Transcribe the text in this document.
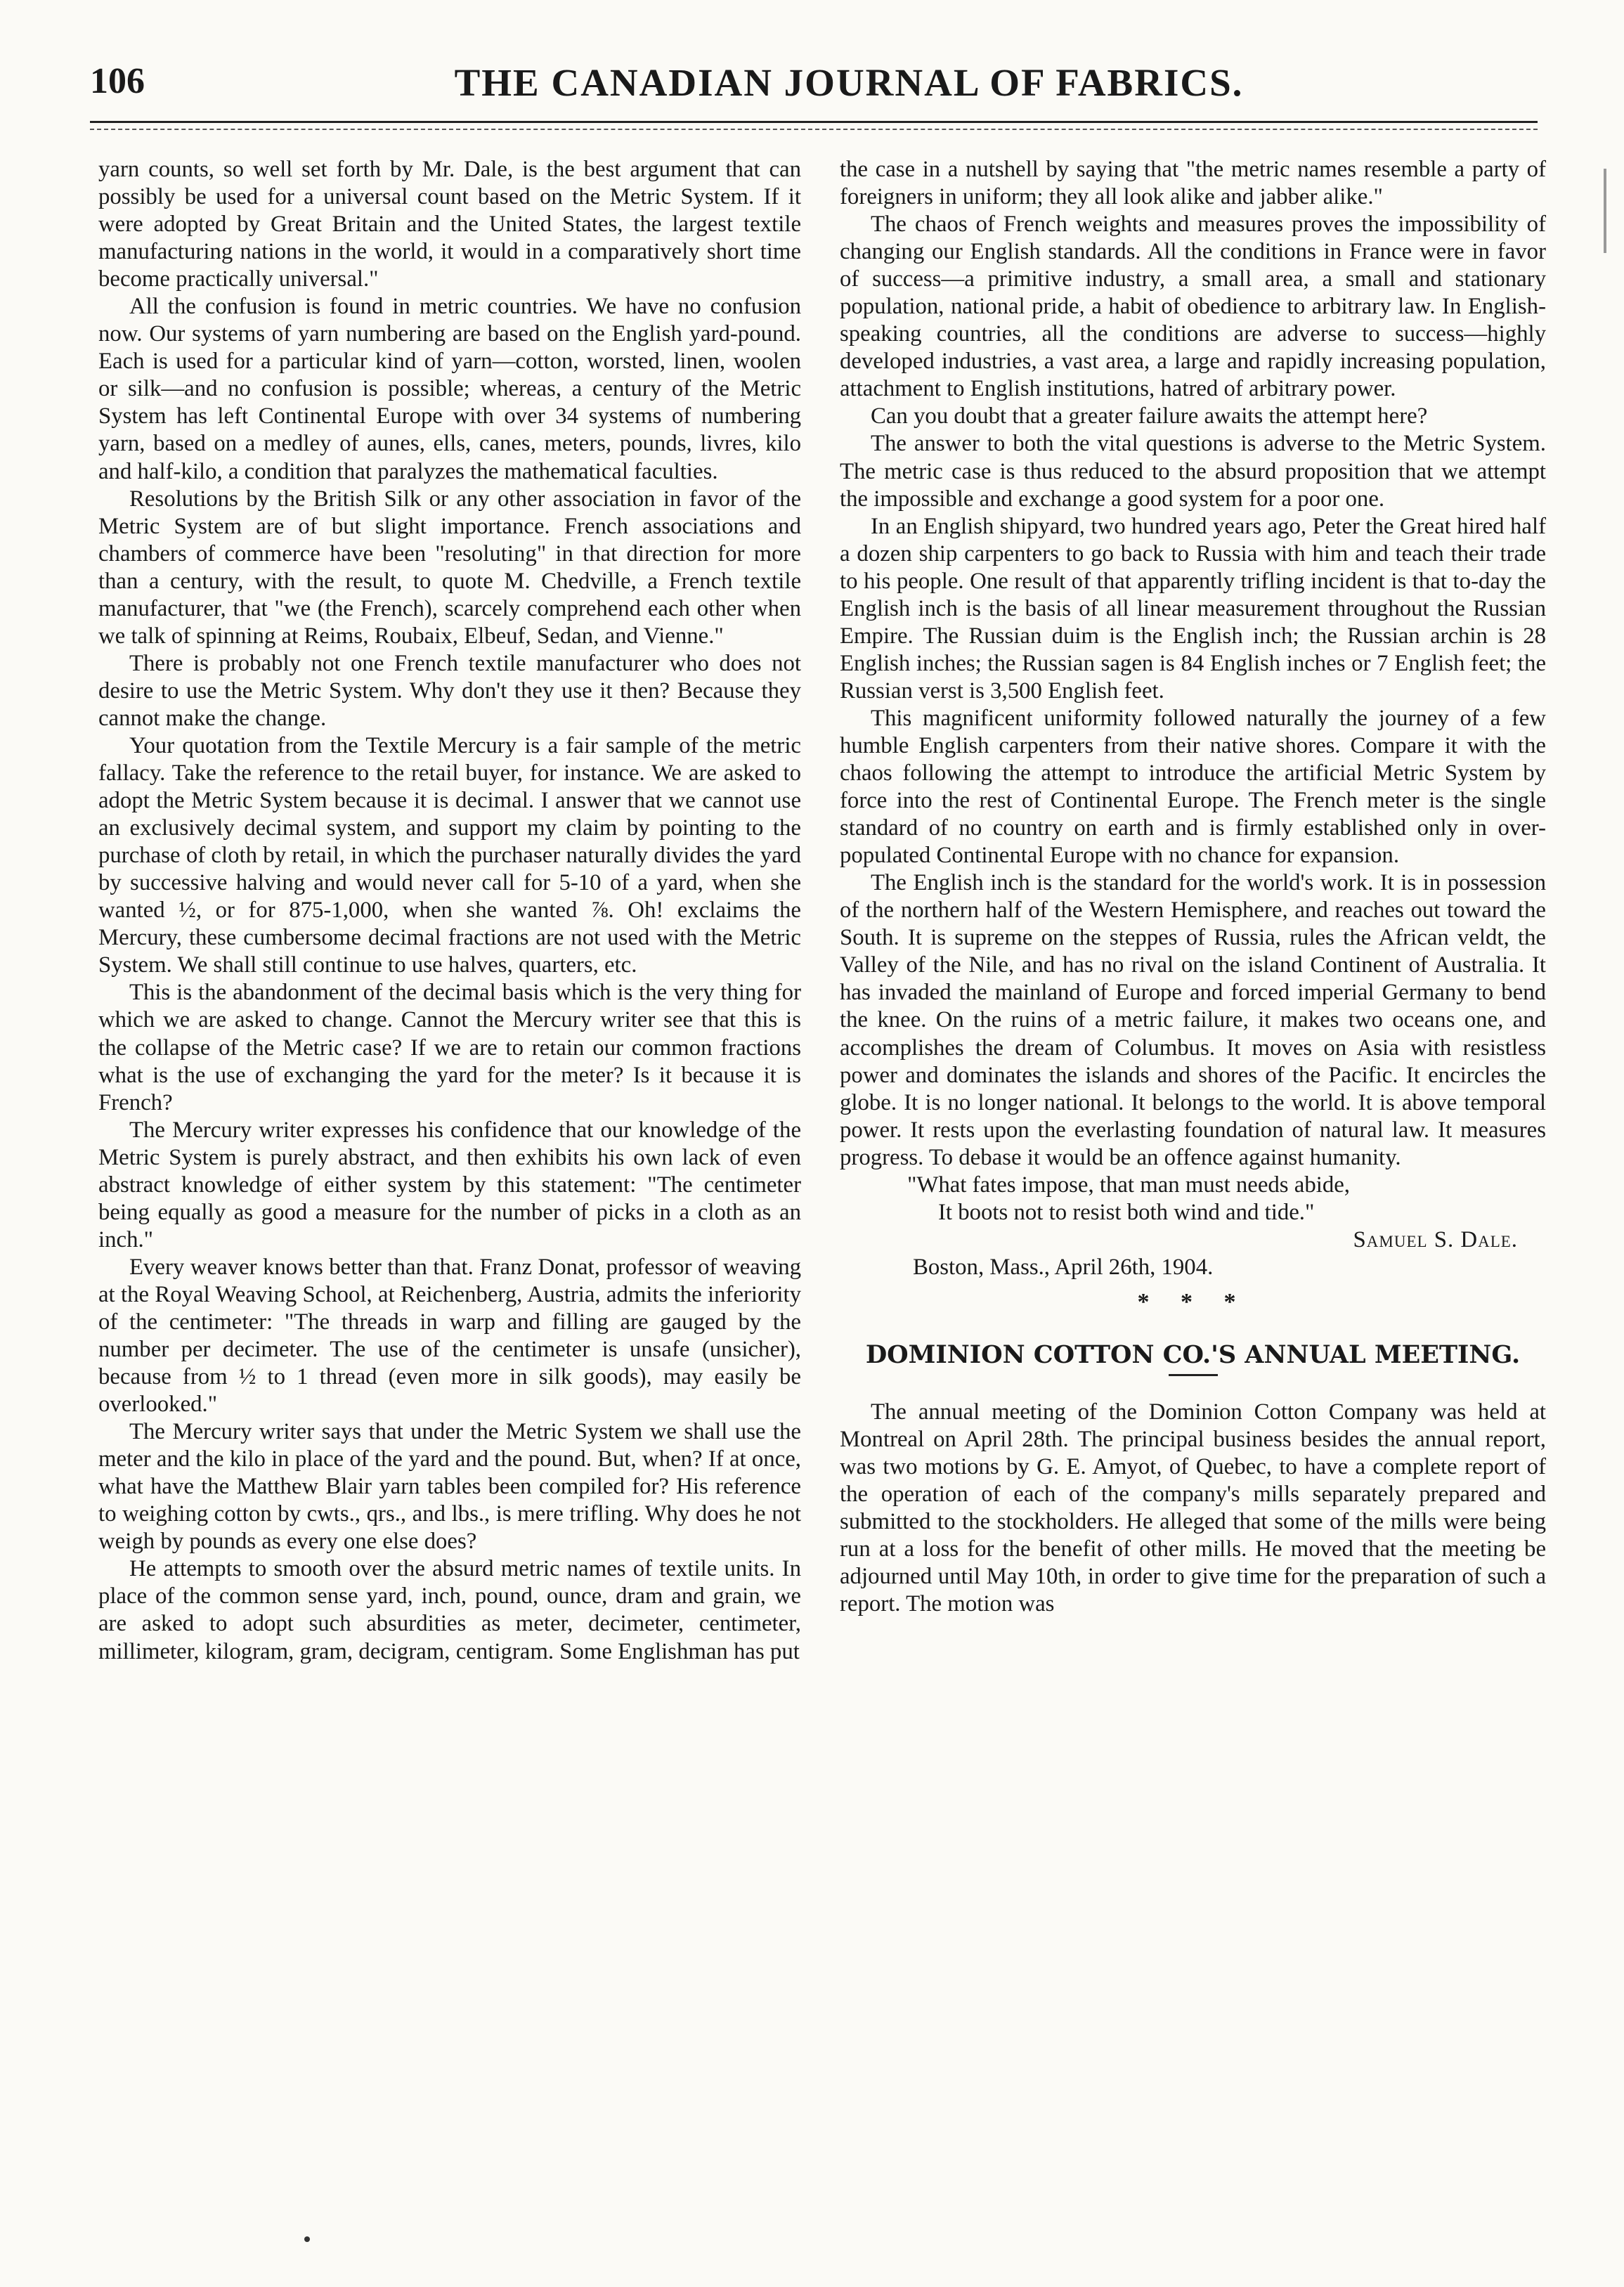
106	THE CANADIAN JOURNAL OF FABRICS.

yarn counts, so well set forth by Mr. Dale, is the best argument that can possibly be used for a universal count based on the Metric System. If it were adopted by Great Britain and the United States, the largest textile manufacturing nations in the world, it would in a comparatively short time become practically universal."

All the confusion is found in metric countries. We have no confusion now. Our systems of yarn numbering are based on the English yard-pound. Each is used for a particular kind of yarn—cotton, worsted, linen, woolen or silk—and no confusion is possible; whereas, a century of the Metric System has left Continental Europe with over 34 systems of numbering yarn, based on a medley of aunes, ells, canes, meters, pounds, livres, kilo and half-kilo, a condition that paralyzes the mathematical faculties.

Resolutions by the British Silk or any other association in favor of the Metric System are of but slight importance. French associations and chambers of commerce have been "resoluting" in that direction for more than a century, with the result, to quote M. Chedville, a French textile manufacturer, that "we (the French), scarcely comprehend each other when we talk of spinning at Reims, Roubaix, Elbeuf, Sedan, and Vienne."

There is probably not one French textile manufacturer who does not desire to use the Metric System. Why don't they use it then? Because they cannot make the change.

Your quotation from the Textile Mercury is a fair sample of the metric fallacy. Take the reference to the retail buyer, for instance. We are asked to adopt the Metric System because it is decimal. I answer that we cannot use an exclusively decimal system, and support my claim by pointing to the purchase of cloth by retail, in which the purchaser naturally divides the yard by successive halving and would never call for 5-10 of a yard, when she wanted ½, or for 875-1,000, when she wanted ⅞. Oh! exclaims the Mercury, these cumbersome decimal fractions are not used with the Metric System. We shall still continue to use halves, quarters, etc.

This is the abandonment of the decimal basis which is the very thing for which we are asked to change. Cannot the Mercury writer see that this is the collapse of the Metric case? If we are to retain our common fractions what is the use of exchanging the yard for the meter? Is it because it is French?

The Mercury writer expresses his confidence that our knowledge of the Metric System is purely abstract, and then exhibits his own lack of even abstract knowledge of either system by this statement: "The centimeter being equally as good a measure for the number of picks in a cloth as an inch."

Every weaver knows better than that. Franz Donat, professor of weaving at the Royal Weaving School, at Reichenberg, Austria, admits the inferiority of the centimeter: "The threads in warp and filling are gauged by the number per decimeter. The use of the centimeter is unsafe (unsicher), because from ½ to 1 thread (even more in silk goods), may easily be overlooked."

The Mercury writer says that under the Metric System we shall use the meter and the kilo in place of the yard and the pound. But, when? If at once, what have the Matthew Blair yarn tables been compiled for? His reference to weighing cotton by cwts., qrs., and lbs., is mere trifling. Why does he not weigh by pounds as every one else does?

He attempts to smooth over the absurd metric names of textile units. In place of the common sense yard, inch, pound, ounce, dram and grain, we are asked to adopt such absurdities as meter, decimeter, centimeter, millimeter, kilogram, gram, decigram, centigram. Some Englishman has put

the case in a nutshell by saying that "the metric names resemble a party of foreigners in uniform; they all look alike and jabber alike."

The chaos of French weights and measures proves the impossibility of changing our English standards. All the conditions in France were in favor of success—a primitive industry, a small area, a small and stationary population, national pride, a habit of obedience to arbitrary law. In English-speaking countries, all the conditions are adverse to success—highly developed industries, a vast area, a large and rapidly increasing population, attachment to English institutions, hatred of arbitrary power.

Can you doubt that a greater failure awaits the attempt here?

The answer to both the vital questions is adverse to the Metric System. The metric case is thus reduced to the absurd proposition that we attempt the impossible and exchange a good system for a poor one.

In an English shipyard, two hundred years ago, Peter the Great hired half a dozen ship carpenters to go back to Russia with him and teach their trade to his people. One result of that apparently trifling incident is that to-day the English inch is the basis of all linear measurement throughout the Russian Empire. The Russian duim is the English inch; the Russian archin is 28 English inches; the Russian sagen is 84 English inches or 7 English feet; the Russian verst is 3,500 English feet.

This magnificent uniformity followed naturally the journey of a few humble English carpenters from their native shores. Compare it with the chaos following the attempt to introduce the artificial Metric System by force into the rest of Continental Europe. The French meter is the single standard of no country on earth and is firmly established only in over-populated Continental Europe with no chance for expansion.

The English inch is the standard for the world's work. It is in possession of the northern half of the Western Hemisphere, and reaches out toward the South. It is supreme on the steppes of Russia, rules the African veldt, the Valley of the Nile, and has no rival on the island Continent of Australia. It has invaded the mainland of Europe and forced imperial Germany to bend the knee. On the ruins of a metric failure, it makes two oceans one, and accomplishes the dream of Columbus. It moves on Asia with resistless power and dominates the islands and shores of the Pacific. It encircles the globe. It is no longer national. It belongs to the world. It is above temporal power. It rests upon the everlasting foundation of natural law. It measures progress. To debase it would be an offence against humanity.

"What fates impose, that man must needs abide,
It boots not to resist both wind and tide."

Samuel S. Dale.

Boston, Mass., April 26th, 1904.

* * *
DOMINION COTTON CO.'S ANNUAL MEETING.

The annual meeting of the Dominion Cotton Company was held at Montreal on April 28th. The principal business besides the annual report, was two motions by G. E. Amyot, of Quebec, to have a complete report of the operation of each of the company's mills separately prepared and submitted to the stockholders. He alleged that some of the mills were being run at a loss for the benefit of other mills. He moved that the meeting be adjourned until May 10th, in order to give time for the preparation of such a report. The motion was
